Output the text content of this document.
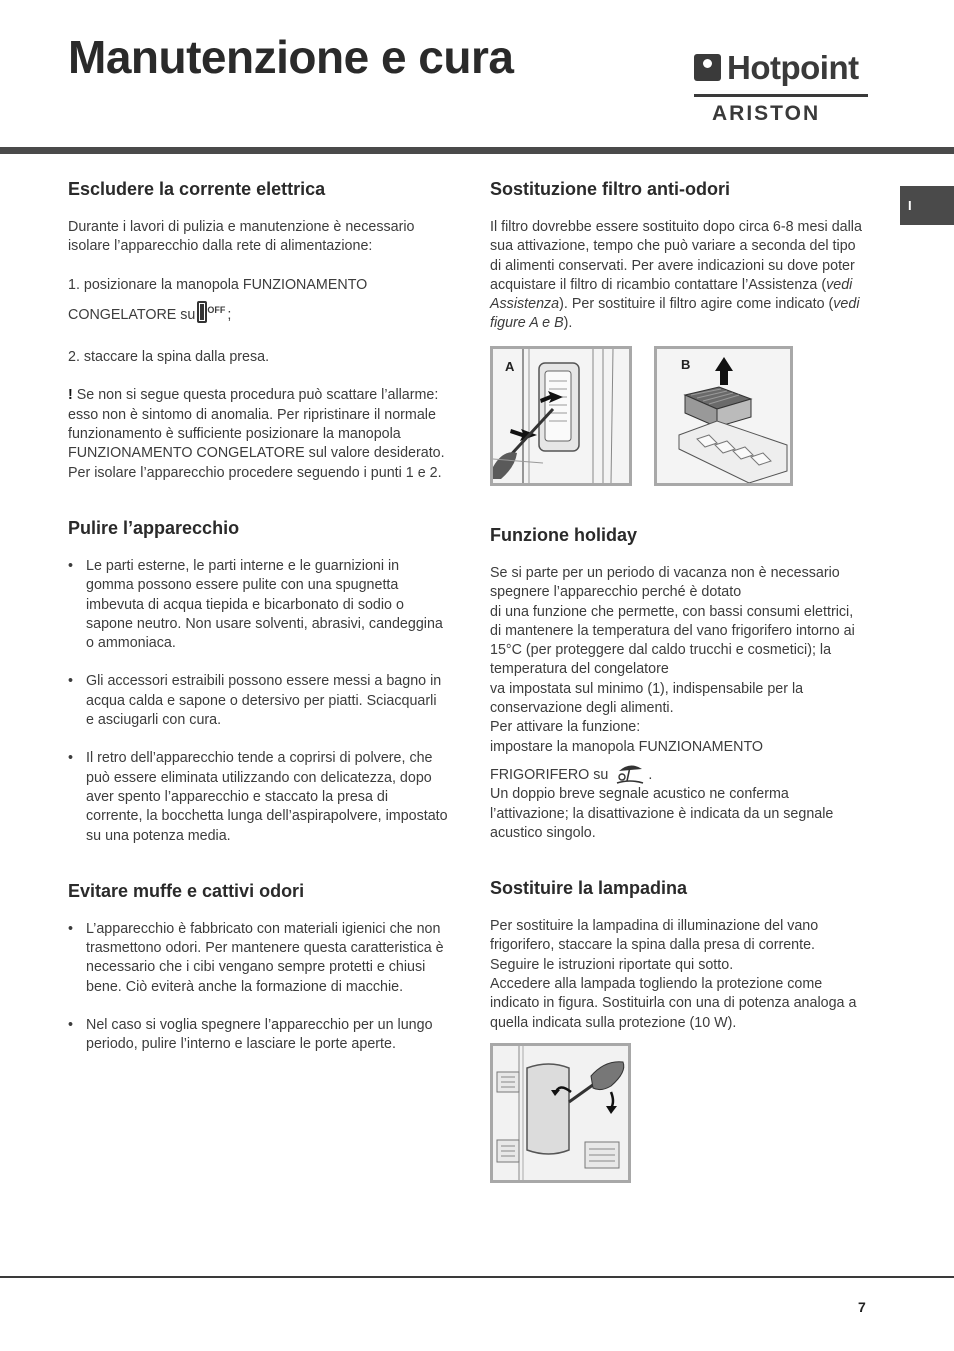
Manutenzione e cura	Hotpoint
ARISTON
I
Escludere la corrente elettrica

Durante i lavori di pulizia e manutenzione è necessario isolare l’apparecchio dalla rete di alimentazione:

1. posizionare la manopola FUNZIONAMENTO

CONGELATORE su $^{OFF}$ ;

2. staccare la spina dalla presa.

! Se non si segue questa procedura può scattare l’allarme: esso non è sintomo di anomalia. Per ripristinare il normale funzionamento è sufficiente posizionare la manopola FUNZIONAMENTO CONGELATORE sul valore desiderato. Per isolare l’apparecchio procedere seguendo i punti 1 e 2.

Pulire l’apparecchio

• Le parti esterne, le parti interne e le guarnizioni in gomma possono essere pulite con una spugnetta imbevuta di acqua tiepida e bicarbonato di sodio o sapone neutro. Non usare solventi, abrasivi, candeggina o ammoniaca.

• Gli accessori estraibili possono essere messi a bagno in acqua calda e sapone o detersivo per piatti. Sciacquarli e asciugarli con cura.

• Il retro dell’apparecchio tende a coprirsi di polvere, che può essere eliminata utilizzando con delicatezza, dopo aver spento l’apparecchio e staccato la presa di corrente, la bocchetta lunga dell’aspirapolvere, impostato su una potenza media.

Evitare muffe e cattivi odori

• L’apparecchio è fabbricato con materiali igienici che non trasmettono odori. Per mantenere questa caratteristica è necessario che i cibi vengano sempre protetti e chiusi bene. Ciò eviterà anche la formazione di macchie.

• Nel caso si voglia spegnere l’apparecchio per un lungo periodo, pulire l’interno e lasciare le porte aperte.

Sostituzione filtro anti-odori

Il filtro dovrebbe essere sostituito dopo circa 6-8 mesi dalla sua attivazione, tempo che può variare a seconda del tipo di alimenti conservati. Per avere indicazioni su dove poter acquistare il filtro di ricambio contattare l’Assistenza (vedi Assistenza). Per sostituire il filtro agire come indicato (vedi figure A e B).

A	B
Funzione holiday

Se si parte per un periodo di vacanza non è necessario spegnere l’apparecchio perché è dotato

di una funzione che permette, con bassi consumi elettrici, di mantenere la temperatura del vano frigorifero intorno ai 15°C (per proteggere dal caldo trucchi e cosmetici); la temperatura del congelatore

va impostata sul minimo (1), indispensabile per la conservazione degli alimenti.

Per attivare la funzione:

impostare la manopola FUNZIONAMENTO

FRIGORIFERO su	.

Un doppio breve segnale acustico ne conferma l’attivazione; la disattivazione è indicata da un segnale acustico singolo.

Sostituire la lampadina

Per sostituire la lampadina di illuminazione del vano frigorifero, staccare la spina dalla presa di corrente. Seguire le istruzioni riportate qui sotto.

Accedere alla lampada togliendo la protezione come indicato in figura. Sostituirla con una di potenza analoga a quella indicata sulla protezione (10 W).

7
